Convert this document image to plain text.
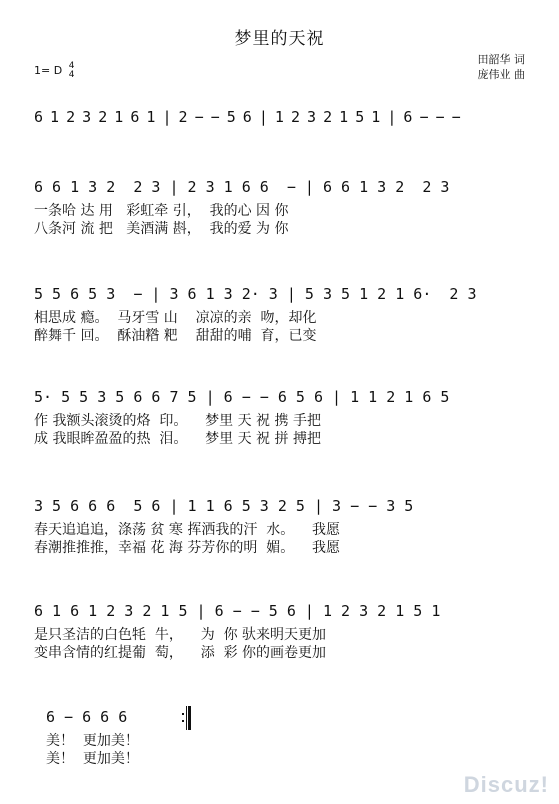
梦里的天祝
1= D 4
4
田韶华 词
庞伟业 曲
6 1 2 3 2 1 6 1 | 2 − − 5 6 | 1 2 3 2 1 5 1 | 6 − − −
6 6 1 3 2  2 3 | 2 3 1 6 6  − | 6 6 1 3 2  2 3
一条哈 达 用   彩虹牵 引，  我的心 因 你
八条河 流 把   美酒满 斟，  我的爱 为 你
5 5 6 5 3  − | 3 6 1 3 2· 3 | 5 3 5 1 2 1 6·  2 3
相思成 瘾。  马牙雪 山    凉凉的亲  吻，却化
醉舞千 回。  酥油糌 粑    甜甜的哺  育，已变
5· 5 5 3 5 6 6 7 5 | 6 − − 6 5 6 | 1 1 2 1 6 5
作 我额头滚烫的烙  印。    梦里 天 祝 携 手把
成 我眼眸盈盈的热  泪。    梦里 天 祝 拼 搏把
3 5 6 6 6  5 6 | 1 1 6 5 3 2 5 | 3 − − 3 5
春天追追追，涤荡 贫 寒 挥洒我的汗  水。    我愿
春潮推推推，幸福 花 海 芬芳你的明  媚。    我愿
6 1 6 1 2 3 2 1 5 | 6 − − 5 6 | 1 2 3 2 1 5 1
是只圣洁的白色牦  牛，    为  你 驮来明天更加
变串含情的红提葡  萄，    添  彩 你的画卷更加
6 − 6 6 6
美！  更加美！
美！  更加美！
Discuz!
